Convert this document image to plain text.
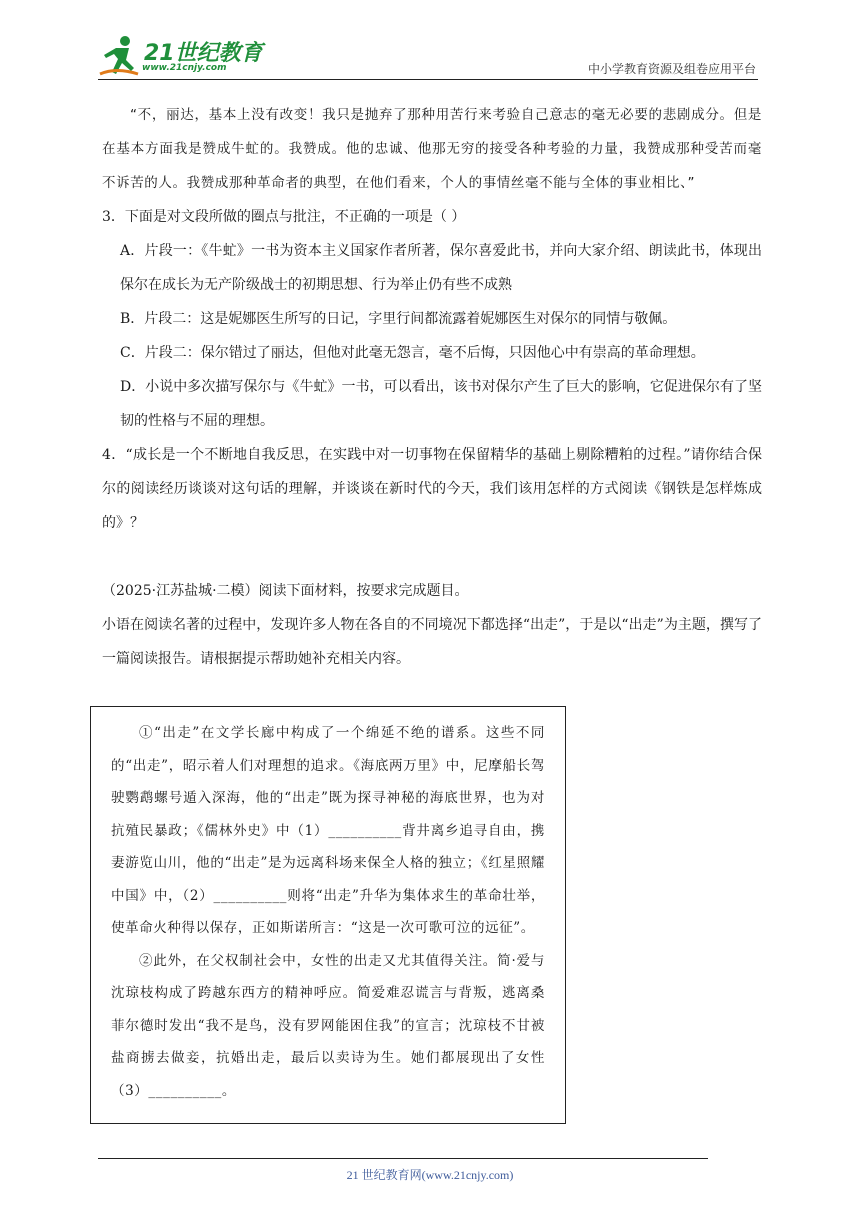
21世纪教育
www.21cnjy.com	中小学教育资源及组卷应用平台

“不，丽达，基本上没有改变！我只是抛弃了那种用苦行来考验自己意志的毫无必要的悲剧成分。但是在基本方面我是赞成牛虻的。我赞成。他的忠诚、他那无穷的接受各种考验的力量，我赞成那种受苦而毫不诉苦的人。我赞成那种革命者的典型，在他们看来，个人的事情丝毫不能与全体的事业相比、”

3．下面是对文段所做的圈点与批注，不正确的一项是（ ）

A．片段一：《牛虻》一书为资本主义国家作者所著，保尔喜爱此书，并向大家介绍、朗读此书，体现出保尔在成长为无产阶级战士的初期思想、行为举止仍有些不成熟

B．片段二：这是妮娜医生所写的日记，字里行间都流露着妮娜医生对保尔的同情与敬佩。

C．片段二：保尔错过了丽达，但他对此毫无怨言，毫不后悔，只因他心中有崇高的革命理想。

D．小说中多次描写保尔与《牛虻》一书，可以看出，该书对保尔产生了巨大的影响，它促进保尔有了坚韧的性格与不屈的理想。

4．“成长是一个不断地自我反思，在实践中对一切事物在保留精华的基础上剔除糟粕的过程。”请你结合保尔的阅读经历谈谈对这句话的理解，并谈谈在新时代的今天，我们该用怎样的方式阅读《钢铁是怎样炼成的》？

（2025·江苏盐城·二模）阅读下面材料，按要求完成题目。

小语在阅读名著的过程中，发现许多人物在各自的不同境况下都选择“出走”，于是以“出走”为主题，撰写了一篇阅读报告。请根据提示帮助她补充相关内容。

①“出走”在文学长廊中构成了一个绵延不绝的谱系。这些不同的“出走”，昭示着人们对理想的追求。《海底两万里》中，尼摩船长驾驶鹦鹉螺号遁入深海，他的“出走”既为探寻神秘的海底世界，也为对抗殖民暴政；《儒林外史》中（1）__________背井离乡追寻自由，携妻游览山川，他的“出走”是为远离科场来保全人格的独立；《红星照耀中国》中，（2）__________则将“出走”升华为集体求生的革命壮举，使革命火种得以保存，正如斯诺所言：“这是一次可歌可泣的远征”。

②此外，在父权制社会中，女性的出走又尤其值得关注。简·爱与沈琼枝构成了跨越东西方的精神呼应。简爱难忍谎言与背叛，逃离桑菲尔德时发出“我不是鸟，没有罗网能困住我”的宣言；沈琼枝不甘被盐商掳去做妾，抗婚出走，最后以卖诗为生。她们都展现出了女性（3）__________。

21 世纪教育网(www.21cnjy.com)
